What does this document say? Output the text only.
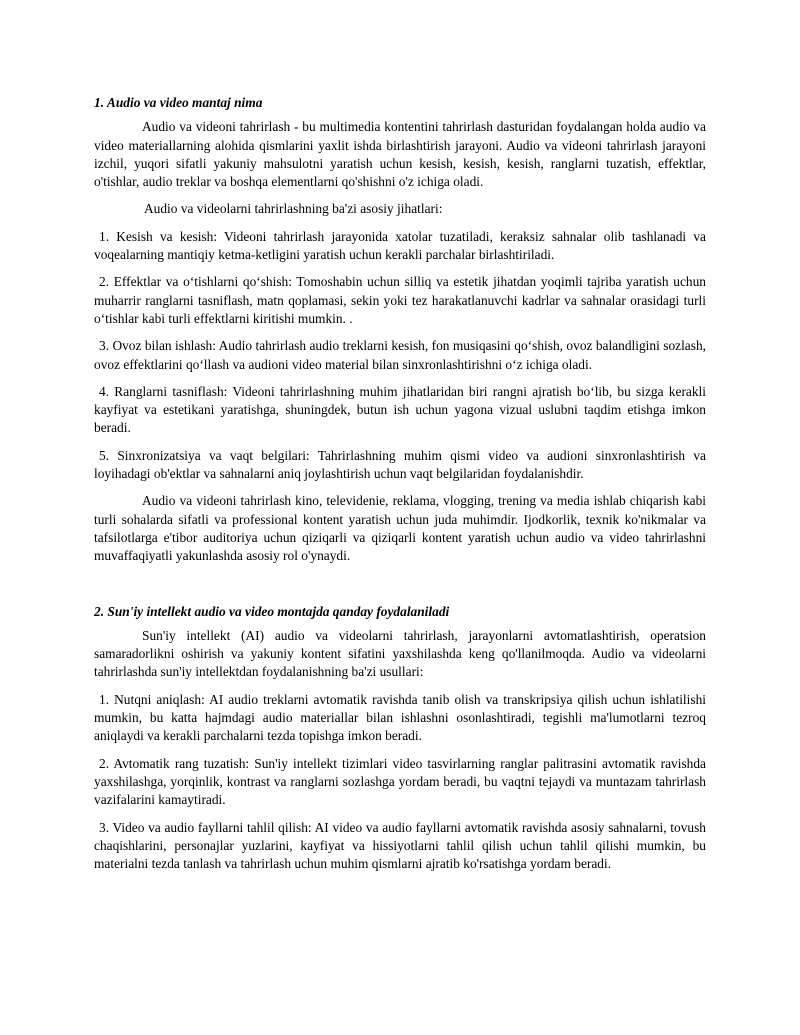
1. Audio va video mantaj nima

Audio va videoni tahrirlash - bu multimedia kontentini tahrirlash dasturidan foydalangan holda audio va video materiallarning alohida qismlarini yaxlit ishda birlashtirish jarayoni. Audio va videoni tahrirlash jarayoni izchil, yuqori sifatli yakuniy mahsulotni yaratish uchun kesish, kesish, kesish, ranglarni tuzatish, effektlar, o'tishlar, audio treklar va boshqa elementlarni qo'shishni o'z ichiga oladi.

Audio va videolarni tahrirlashning ba'zi asosiy jihatlari:

1. Kesish va kesish: Videoni tahrirlash jarayonida xatolar tuzatiladi, keraksiz sahnalar olib tashlanadi va voqealarning mantiqiy ketma-ketligini yaratish uchun kerakli parchalar birlashtiriladi.

2. Effektlar va o‘tishlarni qo‘shish: Tomoshabin uchun silliq va estetik jihatdan yoqimli tajriba yaratish uchun muharrir ranglarni tasniflash, matn qoplamasi, sekin yoki tez harakatlanuvchi kadrlar va sahnalar orasidagi turli o‘tishlar kabi turli effektlarni kiritishi mumkin. .

3. Ovoz bilan ishlash: Audio tahrirlash audio treklarni kesish, fon musiqasini qo‘shish, ovoz balandligini sozlash, ovoz effektlarini qo‘llash va audioni video material bilan sinxronlashtirishni o‘z ichiga oladi.

4. Ranglarni tasniflash: Videoni tahrirlashning muhim jihatlaridan biri rangni ajratish bo‘lib, bu sizga kerakli kayfiyat va estetikani yaratishga, shuningdek, butun ish uchun yagona vizual uslubni taqdim etishga imkon beradi.

5. Sinxronizatsiya va vaqt belgilari: Tahrirlashning muhim qismi video va audioni sinxronlashtirish va loyihadagi ob'ektlar va sahnalarni aniq joylashtirish uchun vaqt belgilaridan foydalanishdir.

Audio va videoni tahrirlash kino, televidenie, reklama, vlogging, trening va media ishlab chiqarish kabi turli sohalarda sifatli va professional kontent yaratish uchun juda muhimdir. Ijodkorlik, texnik ko'nikmalar va tafsilotlarga e'tibor auditoriya uchun qiziqarli va qiziqarli kontent yaratish uchun audio va video tahrirlashni muvaffaqiyatli yakunlashda asosiy rol o'ynaydi.

2. Sun'iy intellekt audio va video montajda qanday foydalaniladi

Sun'iy intellekt (AI) audio va videolarni tahrirlash, jarayonlarni avtomatlashtirish, operatsion samaradorlikni oshirish va yakuniy kontent sifatini yaxshilashda keng qo'llanilmoqda. Audio va videolarni tahrirlashda sun'iy intellektdan foydalanishning ba'zi usullari:

1. Nutqni aniqlash: AI audio treklarni avtomatik ravishda tanib olish va transkripsiya qilish uchun ishlatilishi mumkin, bu katta hajmdagi audio materiallar bilan ishlashni osonlashtiradi, tegishli ma'lumotlarni tezroq aniqlaydi va kerakli parchalarni tezda topishga imkon beradi.

2. Avtomatik rang tuzatish: Sun'iy intellekt tizimlari video tasvirlarning ranglar palitrasini avtomatik ravishda yaxshilashga, yorqinlik, kontrast va ranglarni sozlashga yordam beradi, bu vaqtni tejaydi va muntazam tahrirlash vazifalarini kamaytiradi.

3. Video va audio fayllarni tahlil qilish: AI video va audio fayllarni avtomatik ravishda asosiy sahnalarni, tovush chaqishlarini, personajlar yuzlarini, kayfiyat va hissiyotlarni tahlil qilish uchun tahlil qilishi mumkin, bu materialni tezda tanlash va tahrirlash uchun muhim qismlarni ajratib ko'rsatishga yordam beradi.
